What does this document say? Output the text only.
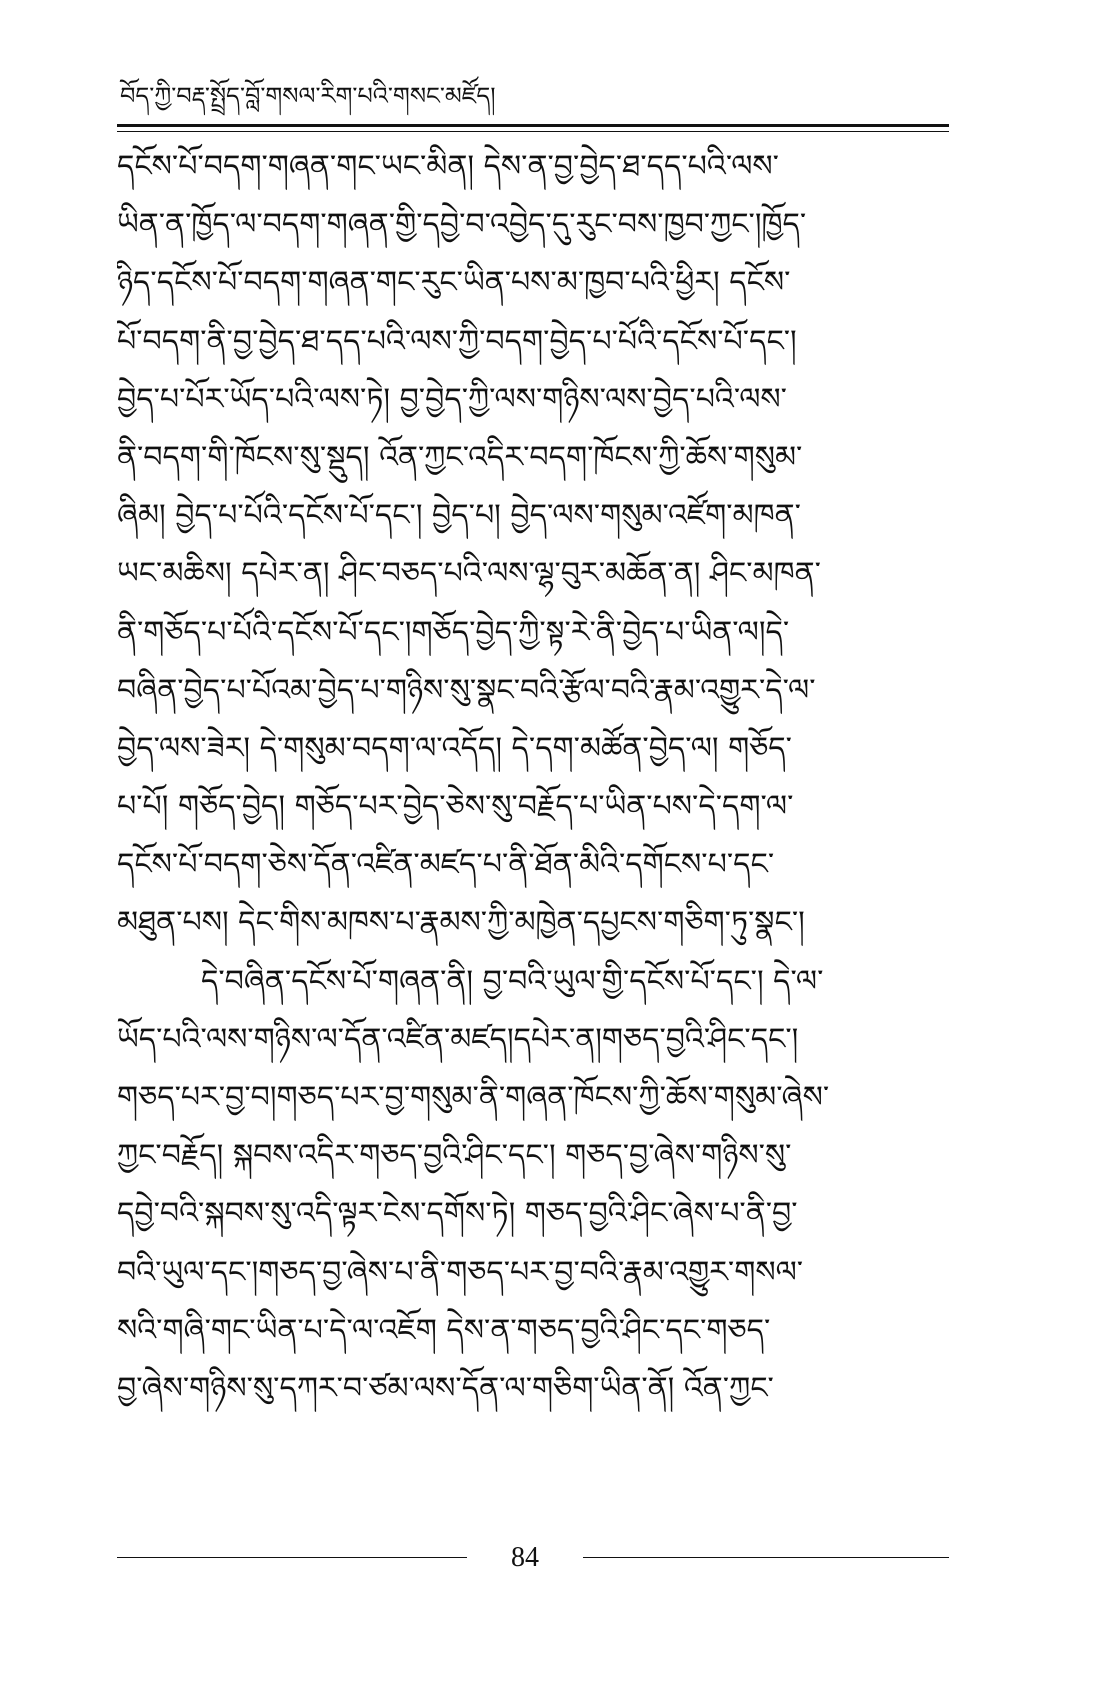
བོད་ཀྱི་བརྡ་སྤྲོད་བློ་གསལ་རིག་པའི་གསང་མཛོད།
དངོས་པོ་བདག་གཞན་གང་ཡང་མིན། དེས་ན་བྱ་བྱེད་ཐ་དད་པའི་ལས་
ཡིན་ན་ཁྱོད་ལ་བདག་གཞན་གྱི་དབྱེ་བ་འབྱེད་དུ་རུང་བས་ཁྱབ་ཀྱང་།ཁྱོད་
ཉིད་དངོས་པོ་བདག་གཞན་གང་རུང་ཡིན་པས་མ་ཁྱབ་པའི་ཕྱིར། དངོས་
པོ་བདག་ནི་བྱ་བྱེད་ཐ་དད་པའི་ལས་ཀྱི་བདག་བྱེད་པ་པོའི་དངོས་པོ་དང་།
བྱེད་པ་པོར་ཡོད་པའི་ལས་ཏེ། བྱ་བྱེད་ཀྱི་ལས་གཉིས་ལས་བྱེད་པའི་ལས་
ནི་བདག་གི་ཁོངས་སུ་སྡུད། འོན་ཀྱང་འདིར་བདག་ཁོངས་ཀྱི་ཆོས་གསུམ་
ཞིམ། བྱེད་པ་པོའི་དངོས་པོ་དང་། བྱེད་པ། བྱེད་ལས་གསུམ་འཛོག་མཁན་
ཡང་མཆིས། དཔེར་ན། ཤིང་བཅད་པའི་ལས་ལྷ་བུར་མཆོན་ན། ཤིང་མཁན་
ནི་གཅོད་པ་པོའི་དངོས་པོ་དང་།གཅོད་བྱེད་ཀྱི་སྟ་རེ་ནི་བྱེད་པ་ཡིན་ལ།དེ་
བཞིན་བྱེད་པ་པོའམ་བྱེད་པ་གཉིས་སུ་སྣང་བའི་རྩོལ་བའི་རྣམ་འགྱུར་དེ་ལ་
བྱེད་ལས་ཟེར། དེ་གསུམ་བདག་ལ་འདོད། དེ་དག་མཚོན་བྱེད་ལ། གཅོད་
པ་པོ། གཅོད་བྱེད། གཅོད་པར་བྱེད་ཅེས་སུ་བརྗོད་པ་ཡིན་པས་དེ་དག་ལ་
དངོས་པོ་བདག་ཅེས་དོན་འཛིན་མཛད་པ་ནི་ཐོན་མིའི་དགོངས་པ་དང་
མཐུན་པས། དེང་གིས་མཁས་པ་རྣམས་ཀྱི་མཁྱེན་དཔྱངས་གཅིག་ཏུ་སྣང་།
དེ་བཞིན་དངོས་པོ་གཞན་ནི། བྱ་བའི་ཡུལ་གྱི་དངོས་པོ་དང་། དེ་ལ་
ཡོད་པའི་ལས་གཉིས་ལ་དོན་འཛིན་མཛད།དཔེར་ན།གཅད་བྱའི་ཤིང་དང་།
གཅད་པར་བྱ་བ།གཅད་པར་བྱ་གསུམ་ནི་གཞན་ཁོངས་ཀྱི་ཆོས་གསུམ་ཞེས་
ཀྱང་བརྗོད། སྐབས་འདིར་གཅད་བྱའི་ཤིང་དང་། གཅད་བྱ་ཞེས་གཉིས་སུ་
དབྱེ་བའི་སྐབས་སུ་འདི་ལྟར་ངེས་དགོས་ཏེ། གཅད་བྱའི་ཤིང་ཞེས་པ་ནི་བྱ་
བའི་ཡུལ་དང་།གཅད་བྱ་ཞེས་པ་ནི་གཅད་པར་བྱ་བའི་རྣམ་འགྱུར་གསལ་
སའི་གཞི་གང་ཡིན་པ་དེ་ལ་འཇོག དེས་ན་གཅད་བྱའི་ཤིང་དང་གཅད་
བྱ་ཞེས་གཉིས་སུ་དཀར་བ་ཙམ་ལས་དོན་ལ་གཅིག་ཡིན་ནོ། འོན་ཀྱང་
84
